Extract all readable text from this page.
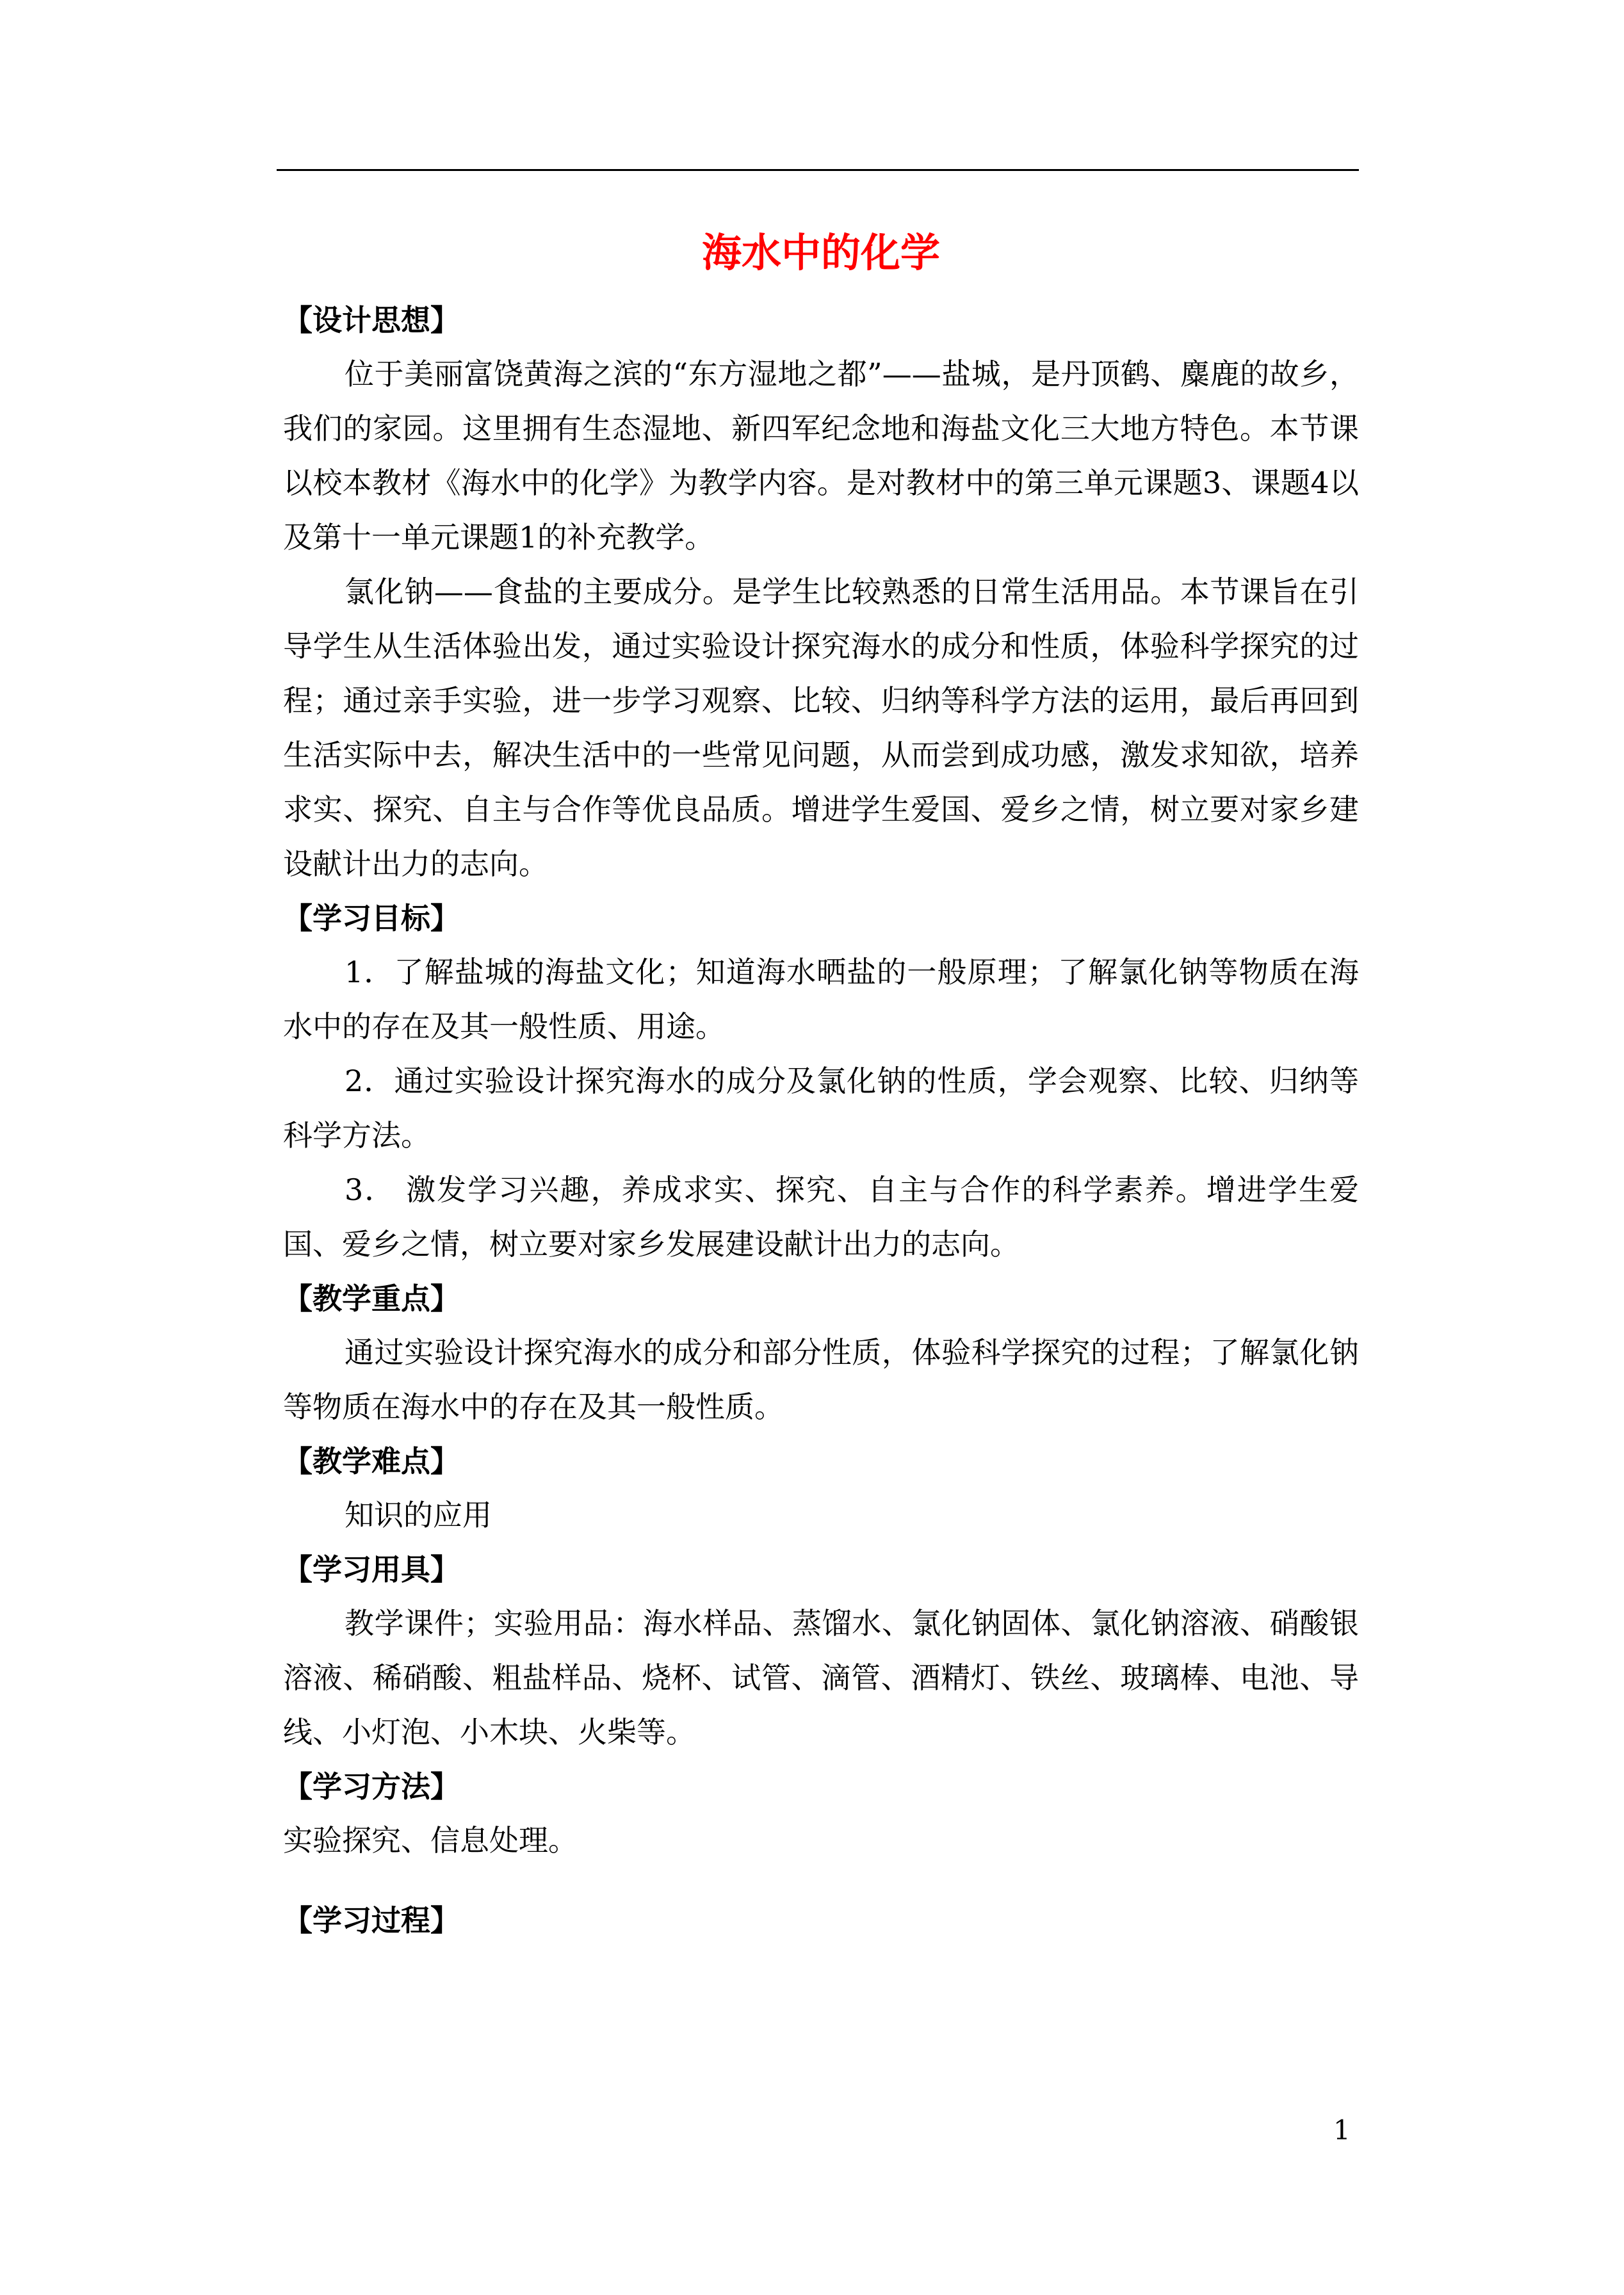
海水中的化学
【设计思想】

位于美丽富饶黄海之滨的“东方湿地之都”——盐城，是丹顶鹤、麋鹿的故乡，我们的家园。这里拥有生态湿地、新四军纪念地和海盐文化三大地方特色。本节课以校本教材《海水中的化学》为教学内容。是对教材中的第三单元课题3、课题4以及第十一单元课题1的补充教学。

氯化钠——食盐的主要成分。是学生比较熟悉的日常生活用品。本节课旨在引导学生从生活体验出发，通过实验设计探究海水的成分和性质，体验科学探究的过程；通过亲手实验，进一步学习观察、比较、归纳等科学方法的运用，最后再回到生活实际中去，解决生活中的一些常见问题，从而尝到成功感，激发求知欲，培养求实、探究、自主与合作等优良品质。增进学生爱国、爱乡之情，树立要对家乡建设献计出力的志向。

【学习目标】

1．了解盐城的海盐文化；知道海水晒盐的一般原理；了解氯化钠等物质在海水中的存在及其一般性质、用途。

2．通过实验设计探究海水的成分及氯化钠的性质，学会观察、比较、归纳等科学方法。

3． 激发学习兴趣，养成求实、探究、自主与合作的科学素养。增进学生爱国、爱乡之情，树立要对家乡发展建设献计出力的志向。

【教学重点】

通过实验设计探究海水的成分和部分性质，体验科学探究的过程；了解氯化钠等物质在海水中的存在及其一般性质。

【教学难点】

知识的应用

【学习用具】

教学课件；实验用品：海水样品、蒸馏水、氯化钠固体、氯化钠溶液、硝酸银溶液、稀硝酸、粗盐样品、烧杯、试管、滴管、酒精灯、铁丝、玻璃棒、电池、导线、小灯泡、小木块、火柴等。

【学习方法】

实验探究、信息处理。

【学习过程】
1
